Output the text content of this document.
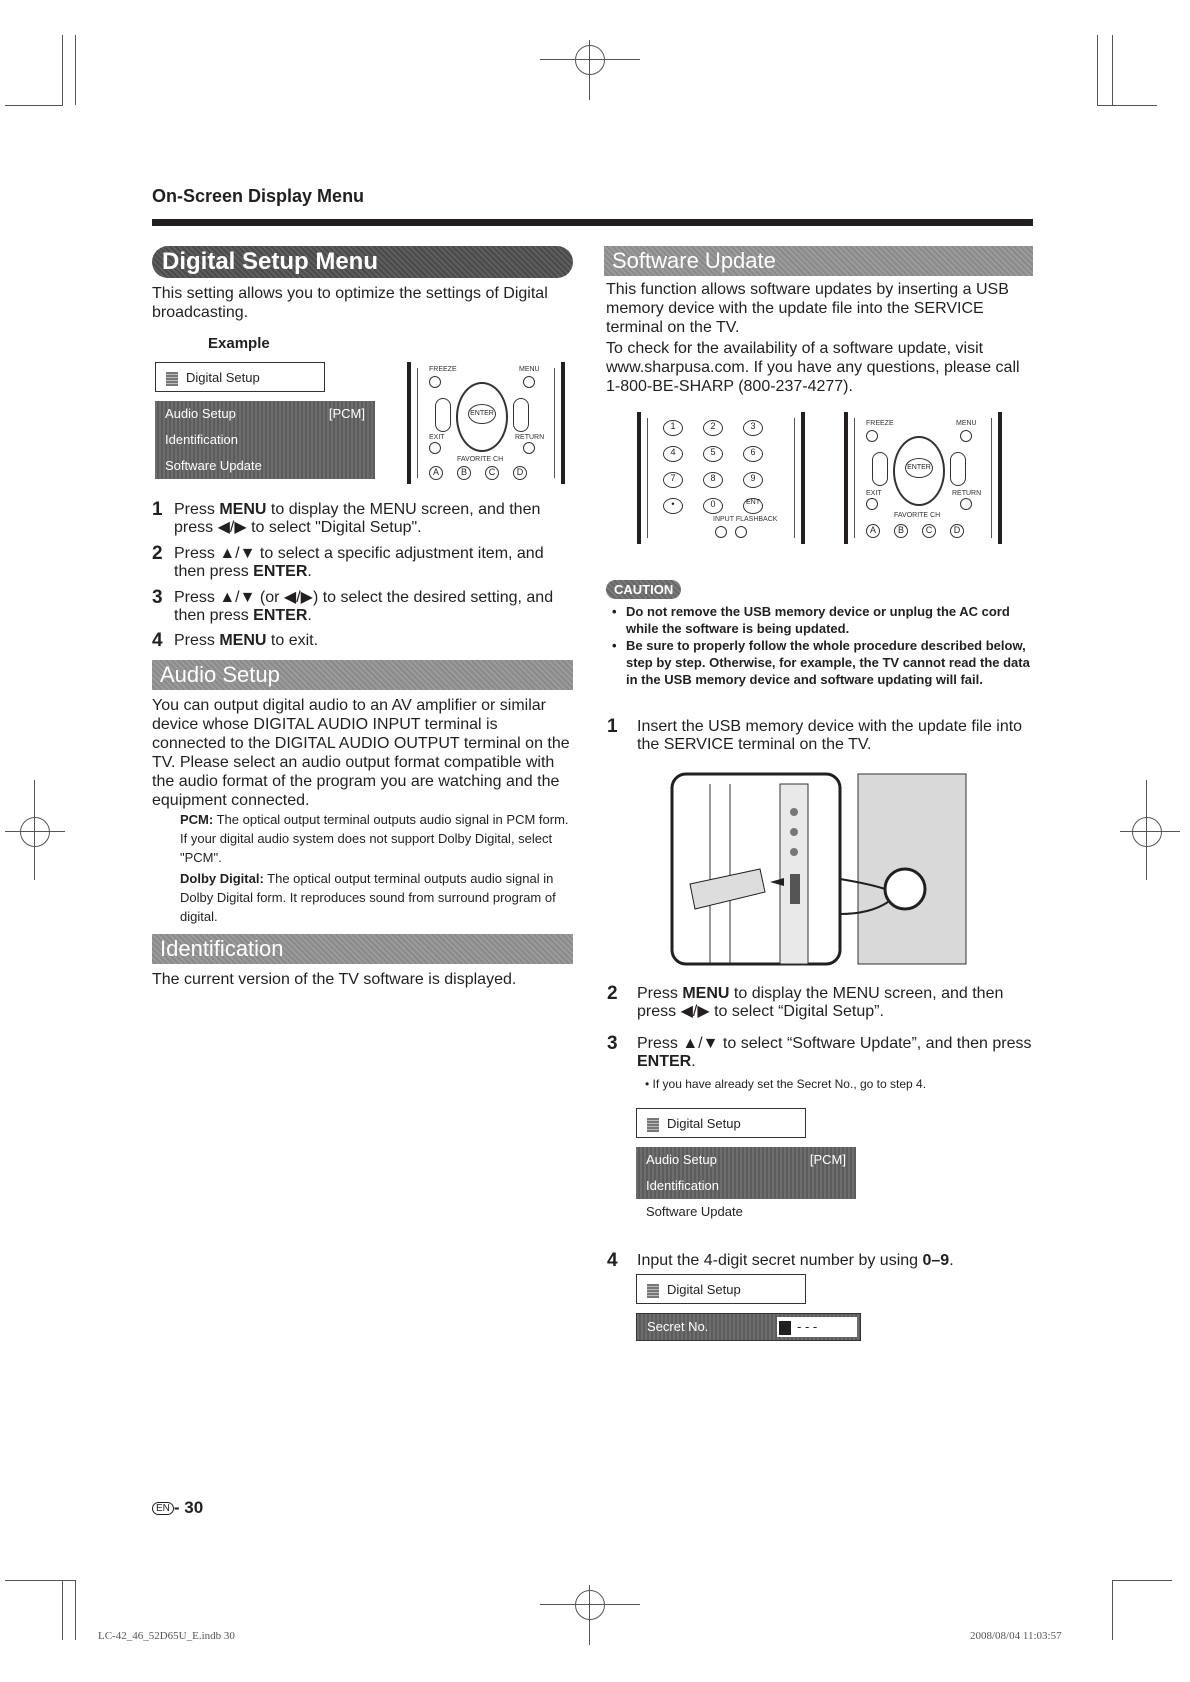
On-Screen Display Menu
Digital Setup Menu
This setting allows you to optimize the settings of Digital broadcasting.
Example
Digital Setup
Audio Setup	[PCM]
Identification
Software Update
FREEZE	MENU
ENTER
EXIT	RETURN
FAVORITE CH
A	B	C	D
1 Press MENU to display the MENU screen, and then press ◀/▶ to select "Digital Setup".
2 Press ▲/▼ to select a specific adjustment item, and then press ENTER.
3 Press ▲/▼ (or ◀/▶) to select the desired setting, and then press ENTER.
4 Press MENU to exit.
Audio Setup
You can output digital audio to an AV amplifier or similar device whose DIGITAL AUDIO INPUT terminal is connected to the DIGITAL AUDIO OUTPUT terminal on the TV. Please select an audio output format compatible with the audio format of the program you are watching and the equipment connected.
PCM: The optical output terminal outputs audio signal in PCM form. If your digital audio system does not support Dolby Digital, select "PCM".
Dolby Digital: The optical output terminal outputs audio signal in Dolby Digital form. It reproduces sound from surround program of digital.
Identification
The current version of the TV software is displayed.
Software Update
This function allows software updates by inserting a USB memory device with the update file into the SERVICE terminal on the TV.
To check for the availability of a software update, visit www.sharpusa.com. If you have any questions, please call 1-800-BE-SHARP (800-237-4277).
1	2	3
4	5	6
7	8	9
•	0	ENT
INPUT FLASHBACK
FREEZE	MENU
ENTER
EXIT	RETURN
FAVORITE CH
A	B	C	D
CAUTION
• Do not remove the USB memory device or unplug the AC cord while the software is being updated.
• Be sure to properly follow the whole procedure described below, step by step. Otherwise, for example, the TV cannot read the data in the USB memory device and software updating will fail.
1 Insert the USB memory device with the update file into the SERVICE terminal on the TV.
2 Press MENU to display the MENU screen, and then press ◀/▶ to select “Digital Setup”.
3 Press ▲/▼ to select “Software Update”, and then press ENTER.
• If you have already set the Secret No., go to step 4.
Digital Setup
Audio Setup	[PCM]
Identification
Software Update
4 Input the 4-digit secret number by using 0–9.
Digital Setup
Secret No.	- - -
EN - 30
LC-42_46_52D65U_E.indb 30	2008/08/04 11:03:57
